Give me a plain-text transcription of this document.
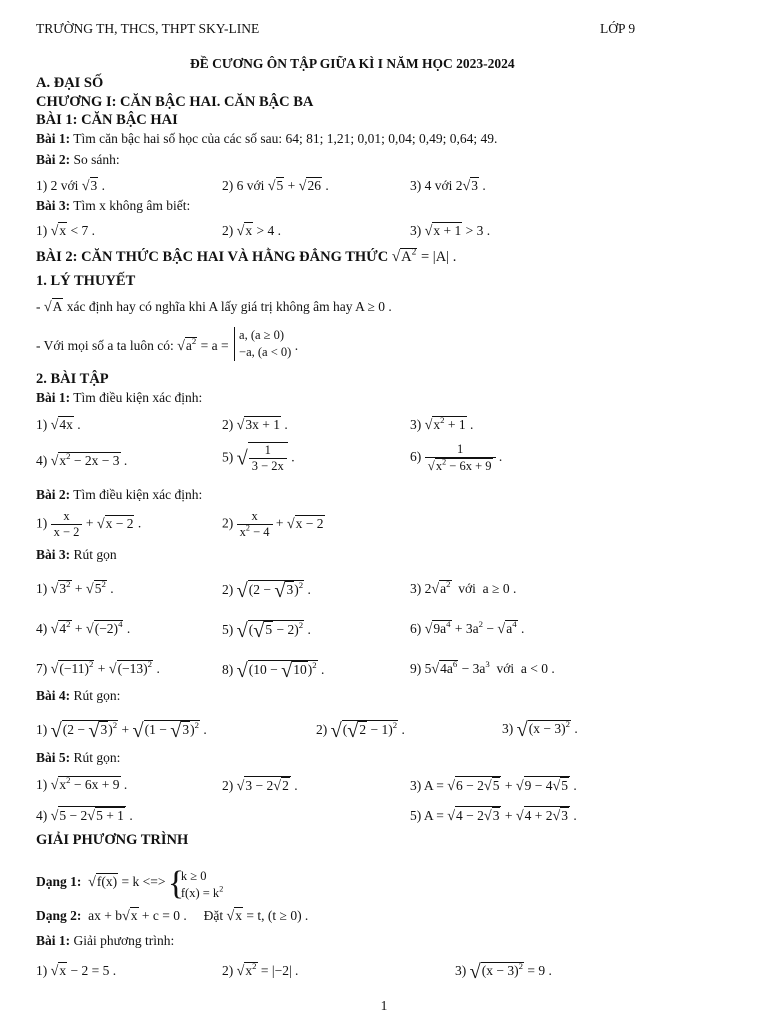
TRƯỜNG TH, THCS, THPT SKY-LINE	LỚP 9
ĐỀ CƯƠNG ÔN TẬP GIỮA KÌ I NĂM HỌC 2023-2024
A. ĐẠI SỐ
CHƯƠNG I: CĂN BẬC HAI. CĂN BẬC BA
BÀI 1: CĂN BẬC HAI
Bài 1: Tìm căn bậc hai số học của các số sau: 64; 81; 1,21; 0,01; 0,04; 0,49; 0,64; 49.
Bài 2: So sánh:
1) 2 với √3 .	2) 6 với √5 + √26 .	3) 4 với 2√3 .
Bài 3: Tìm x không âm biết:
1) √x < 7 .	2) √x > 4 .	3) √x + 1 > 3 .
BÀI 2: CĂN THỨC BẬC HAI VÀ HẰNG ĐẲNG THỨC $√A^2 = |A|$ .
1. LÝ THUYẾT
- √A xác định hay có nghĩa khi A lấy giá trị không âm hay A ≥ 0 .
- Với mọi số a ta luôn có: $√a^2 = a = a$, (a ≥ 0)
−a, (a < 0) .
2. BÀI TẬP
Bài 1: Tìm điều kiện xác định:
1) √4x .	2) √3x + 1 .	3) $√x^2 + 1$ .
4) $√x^2 - 2x - 3$ .	5) √ $\frac{1}{3 - 2x}$ .	$6) \frac{1}{√x^2 - 6x + 9}$ .
Bài 2: Tìm điều kiện xác định:
$1) \frac{x}{x - 2} + √x - 2$ .	$2) \frac{x}{x^2 - 4} + √x - 2$
Bài 3: Rút gọn
1) $√3^2 + √5^2$ .	2) $√(2 - √3)^2$ .	3) $2√a^2$  với  a ≥ 0 .
4) $√4^2 + √(-2)^4$ .	5) $√(√5 - 2)^2$ .	6) $√9a^4 + 3a^2 - √a^4$ .
7) $√(-11)^2 + √(-13)^2$ .	8) $√(10 - √10)^2$ .	9) $5√4a^6 - 3a^3$  với  a < 0 .
Bài 4: Rút gọn:
1) $√(2 - √3)^2 + √(1 - √3)^2$ .	2) $√(√2 - 1)^2$ .	3) $√(x - 3)^2$ .
Bài 5: Rút gọn:
1) $√x^2 - 6x + 9$ .	2) √3 − 2√2 .	3) A = √6 − 2√5 + √9 − 4√5 .
4) √5 − 2√5 + 1 .	5) A = √4 − 2√3 + √4 + 2√3 .
GIẢI PHƯƠNG TRÌNH
Dạng 1: √f(x) = k <=> { k ≥ 0
$f(x) = k^2$
Dạng 2:  ax + b√x + c = 0 .     Đặt √x = t, (t ≥ 0) .
Bài 1: Giải phương trình:
1) √x − 2 = 5 .	2) $√x^2 = |-2|$ .	3) $√(x - 3)^2 = 9$ .
1
